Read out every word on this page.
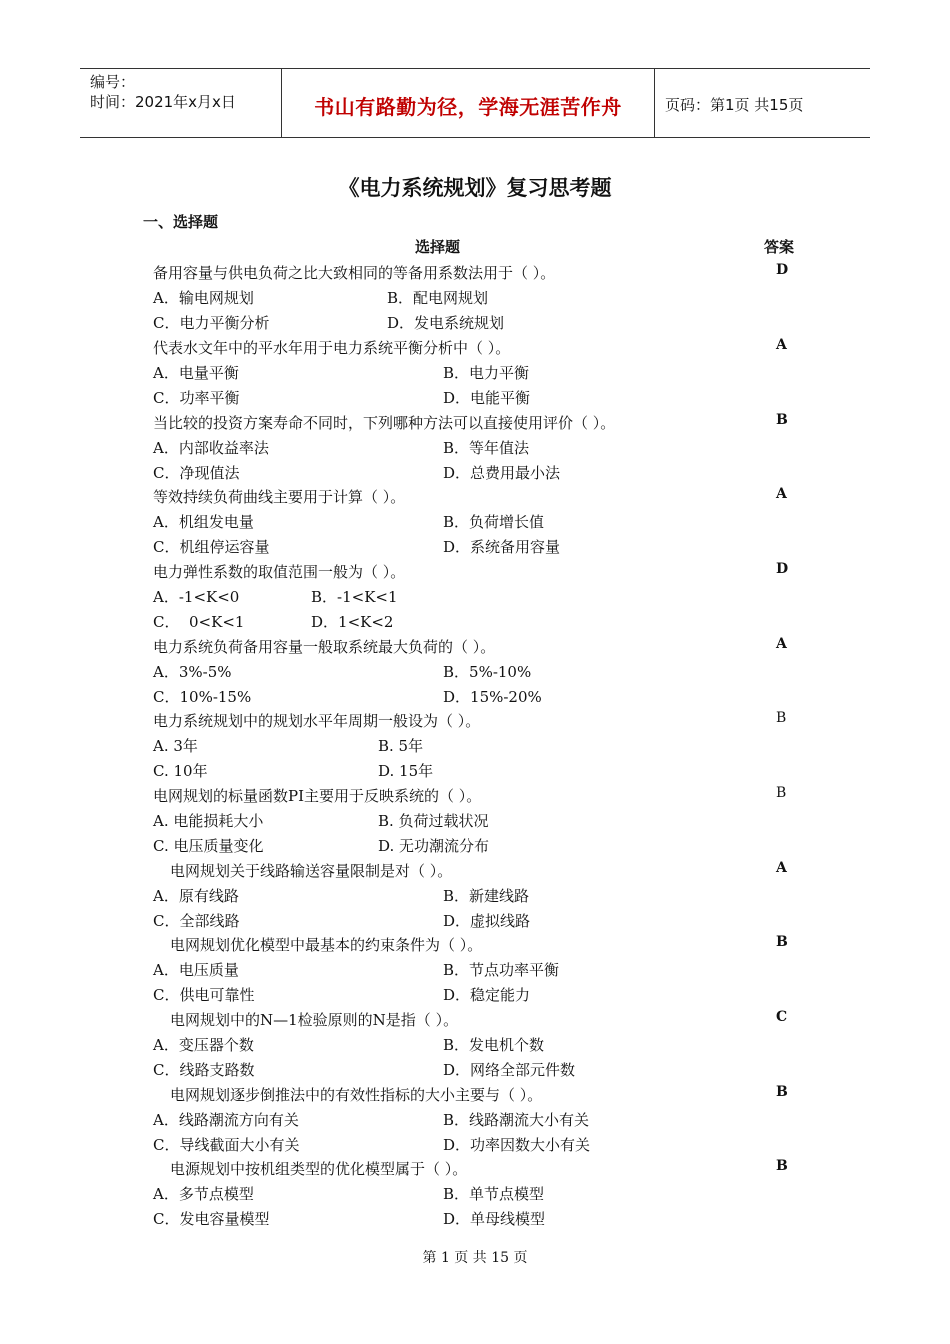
编号：
时间：2021年x月x日	书山有路勤为径，学海无涯苦作舟	页码：第1页 共15页
《电力系统规划》复习思考题
一、选择题
选择题	答案
备用容量与供电负荷之比大致相同的等备用系数法用于（ ）。	D
A．输电网规划	B．配电网规划
C．电力平衡分析	D．发电系统规划
代表水文年中的平水年用于电力系统平衡分析中（ ）。	A
A．电量平衡	B．电力平衡
C．功率平衡	D．电能平衡
当比较的投资方案寿命不同时，下列哪种方法可以直接使用评价（ ）。	B
A．内部收益率法	B．等年值法
C．净现值法	D．总费用最小法
等效持续负荷曲线主要用于计算（ ）。	A
A．机组发电量	B．负荷增长值
C．机组停运容量	D．系统备用容量
电力弹性系数的取值范围一般为（ ）。	D
A．-1<K<0	B．-1<K<1
C．  0<K<1	D．1<K<2
电力系统负荷备用容量一般取系统最大负荷的（ ）。	A
A．3%-5%	B．5%-10%
C．10%-15%	D．15%-20%
电力系统规划中的规划水平年周期一般设为（ ）。	B
A. 3年	B. 5年
C. 10年	D. 15年
电网规划的标量函数PI主要用于反映系统的（ ）。	B
A. 电能损耗大小	B. 负荷过载状况
C. 电压质量变化	D. 无功潮流分布
电网规划关于线路输送容量限制是对（ ）。	A
A．原有线路	B．新建线路
C．全部线路	D．虚拟线路
电网规划优化模型中最基本的约束条件为（ ）。	B
A．电压质量	B．节点功率平衡
C．供电可靠性	D．稳定能力
电网规划中的N—1检验原则的N是指（ ）。	C
A．变压器个数	B．发电机个数
C．线路支路数	D．网络全部元件数
电网规划逐步倒推法中的有效性指标的大小主要与（ ）。	B
A．线路潮流方向有关	B．线路潮流大小有关
C．导线截面大小有关	D．功率因数大小有关
电源规划中按机组类型的优化模型属于（ ）。	B
A．多节点模型	B．单节点模型
C．发电容量模型	D．单母线模型
第 1 页 共 15 页
